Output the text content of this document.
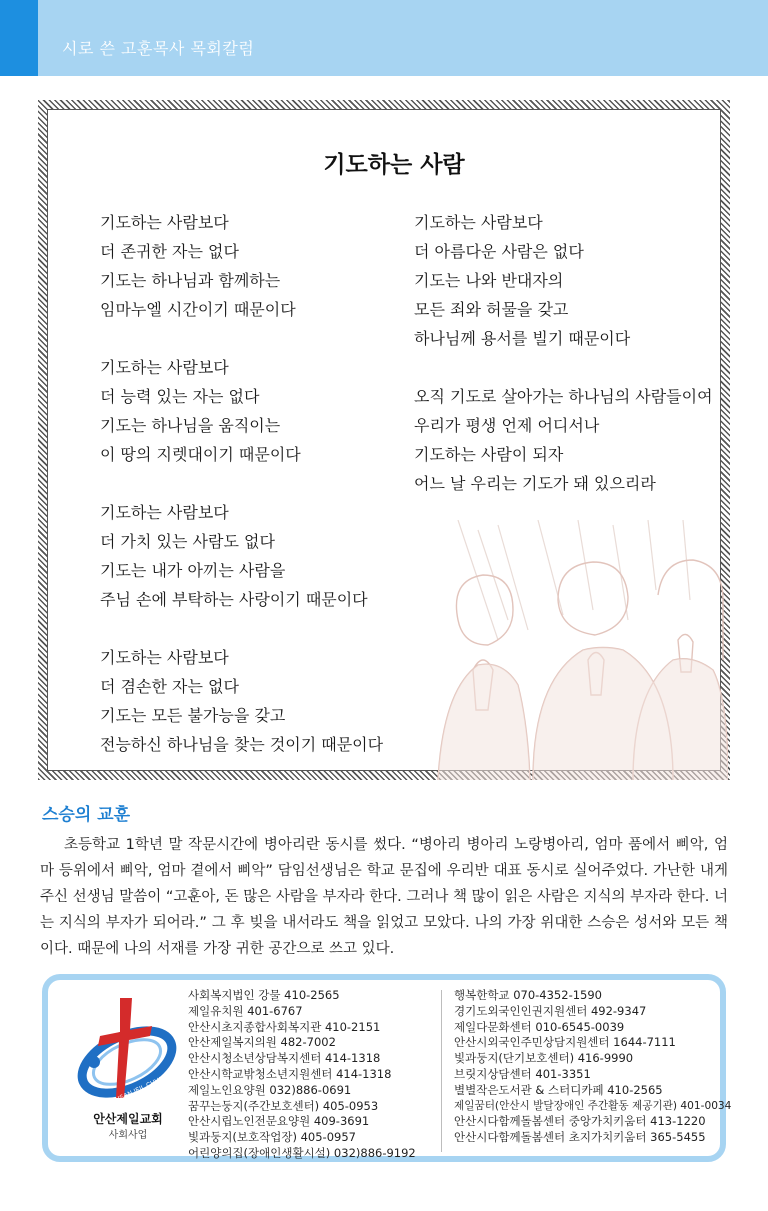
시로 쓴 고훈목사 목회칼럼
기도하는 사람

기도하는 사람보다

더 존귀한 자는 없다

기도는 하나님과 함께하는

임마누엘 시간이기 때문이다

기도하는 사람보다

더 능력 있는 자는 없다

기도는 하나님을 움직이는

이 땅의 지렛대이기 때문이다

기도하는 사람보다

더 가치 있는 사람도 없다

기도는 내가 아끼는 사람을

주님 손에 부탁하는 사랑이기 때문이다

기도하는 사람보다

더 겸손한 자는 없다

기도는 모든 불가능을 갖고

전능하신 하나님을 찾는 것이기 때문이다

기도하는 사람보다

더 아름다운 사람은 없다

기도는 나와 반대자의

모든 죄와 허물을 갖고

하나님께 용서를 빌기 때문이다

오직 기도로 살아가는 하나님의 사람들이여

우리가 평생 언제 어디서나

기도하는 사람이 되자

어느 날 우리는 기도가 돼 있으리라

스승의 교훈
초등학교 1학년 말 작문시간에 병아리란 동시를 썼다. “병아리 병아리 노랑병아리, 엄마 품에서 삐악, 엄마 등위에서 삐악, 엄마 곁에서 삐악” 담임선생님은 학교 문집에 우리반 대표 동시로 실어주었다. 가난한 내게 주신 선생님 말씀이 “고훈아, 돈 많은 사람을 부자라 한다. 그러나 책 많이 읽은 사람은 지식의 부자라 한다. 너는 지식의 부자가 되어라.” 그 후 빚을 내서라도 책을 읽었고 모았다. 나의 가장 위대한 스승은 성서와 모든 책이다. 때문에 나의 서재를 가장 귀한 공간으로 쓰고 있다.
ANSAN JEIL CHURCH
안산제일교회
사회사업

사회복지법인 강물 410-2565

제일유치원 401-6767

안산시초지종합사회복지관 410-2151

안산제일복지의원 482-7002

안산시청소년상담복지센터 414-1318

안산시학교밖청소년지원센터 414-1318

제일노인요양원 032)886-0691

꿈꾸는둥지(주간보호센터) 405-0953

안산시립노인전문요양원 409-3691

빛과둥지(보호작업장) 405-0957

어린양의집(장애인생활시설) 032)886-9192

행복한학교 070-4352-1590

경기도외국인인권지원센터 492-9347

제일다문화센터 010-6545-0039

안산시외국인주민상담지원센터 1644-7111

빛과둥지(단기보호센터) 416-9990

브릿지상담센터 401-3351

별별작은도서관 & 스터디카페 410-2565

제일꿈터(안산시 발달장애인 주간활동 제공기관) 401-0034

안산시다함께돌봄센터 중앙가치키움터 413-1220

안산시다함께돌봄센터 초지가치키움터 365-5455
